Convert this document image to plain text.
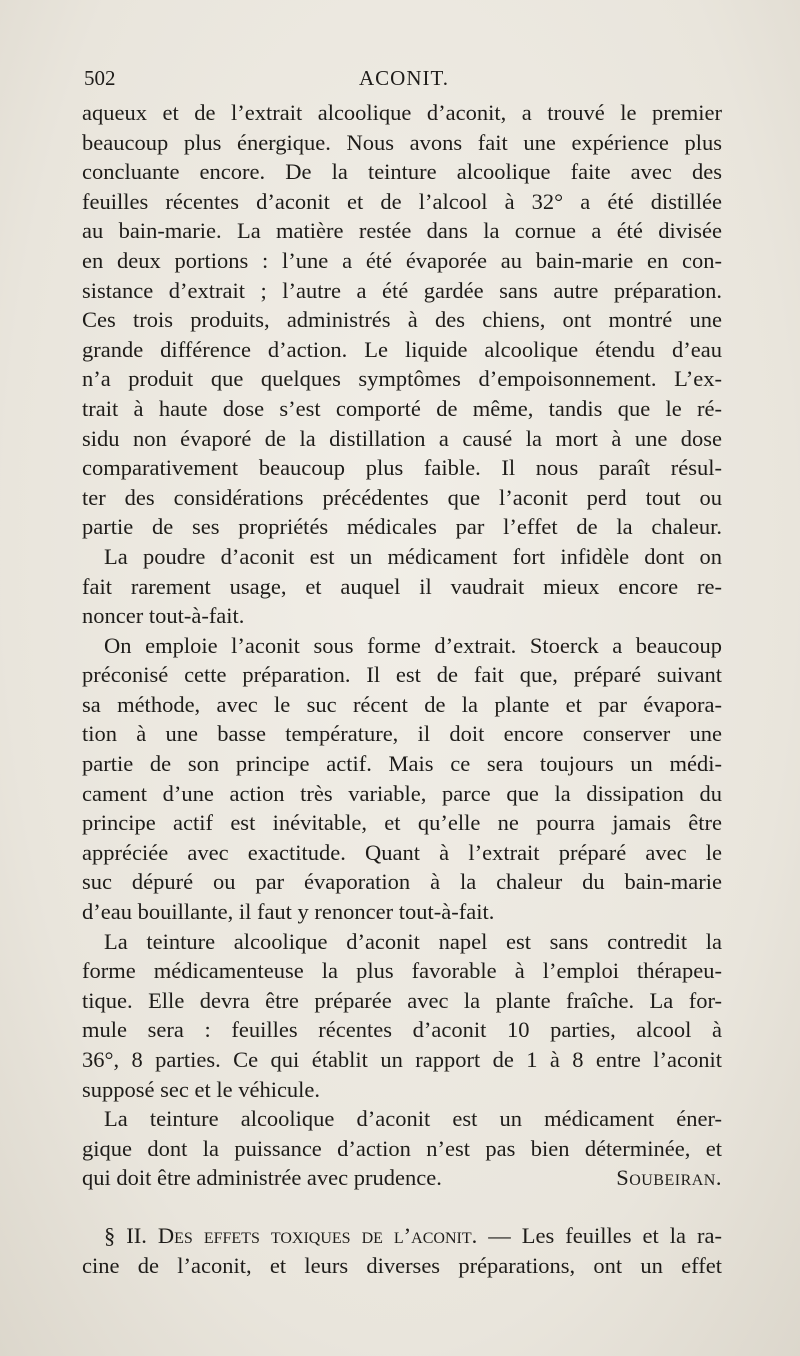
502	ACONIT.
aqueux et de l’extrait alcoolique d’aconit, a trouvé le premier
beaucoup plus énergique. Nous avons fait une expérience plus
concluante encore. De la teinture alcoolique faite avec des
feuilles récentes d’aconit et de l’alcool à 32° a été distillée
au bain-marie. La matière restée dans la cornue a été divisée
en deux portions : l’une a été évaporée au bain-marie en con-
sistance d’extrait ; l’autre a été gardée sans autre préparation.
Ces trois produits, administrés à des chiens, ont montré une
grande différence d’action. Le liquide alcoolique étendu d’eau
n’a produit que quelques symptômes d’empoisonnement. L’ex-
trait à haute dose s’est comporté de même, tandis que le ré-
sidu non évaporé de la distillation a causé la mort à une dose
comparativement beaucoup plus faible. Il nous paraît résul-
ter des considérations précédentes que l’aconit perd tout ou
partie de ses propriétés médicales par l’effet de la chaleur.
La poudre d’aconit est un médicament fort infidèle dont on
fait rarement usage, et auquel il vaudrait mieux encore re-
noncer tout-à-fait.
On emploie l’aconit sous forme d’extrait. Stoerck a beaucoup
préconisé cette préparation. Il est de fait que, préparé suivant
sa méthode, avec le suc récent de la plante et par évapora-
tion à une basse température, il doit encore conserver une
partie de son principe actif. Mais ce sera toujours un médi-
cament d’une action très variable, parce que la dissipation du
principe actif est inévitable, et qu’elle ne pourra jamais être
appréciée avec exactitude. Quant à l’extrait préparé avec le
suc dépuré ou par évaporation à la chaleur du bain-marie
d’eau bouillante, il faut y renoncer tout-à-fait.
La teinture alcoolique d’aconit napel est sans contredit la
forme médicamenteuse la plus favorable à l’emploi thérapeu-
tique. Elle devra être préparée avec la plante fraîche. La for-
mule sera : feuilles récentes d’aconit 10 parties, alcool à
36°, 8 parties. Ce qui établit un rapport de 1 à 8 entre l’aconit
supposé sec et le véhicule.
La teinture alcoolique d’aconit est un médicament éner-
gique dont la puissance d’action n’est pas bien déterminée, et
qui doit être administrée avec prudence.	Soubeiran.
§ II. Des effets toxiques de l’aconit. — Les feuilles et la ra-
cine de l’aconit, et leurs diverses préparations, ont un effet
